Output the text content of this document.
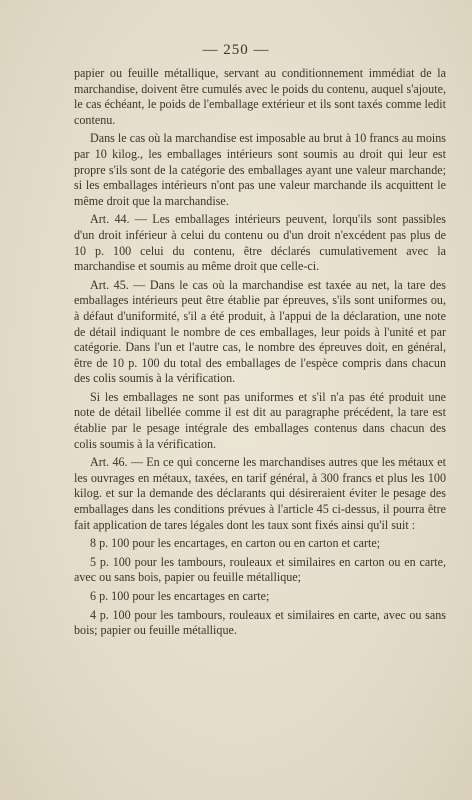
— 250 —

papier ou feuille métallique, servant au conditionnement immédiat de la marchandise, doivent être cumulés avec le poids du contenu, auquel s'ajoute, le cas échéant, le poids de l'emballage extérieur et ils sont taxés comme ledit contenu.

Dans le cas où la marchandise est imposable au brut à 10 francs au moins par 10 kilog., les emballages intérieurs sont soumis au droit qui leur est propre s'ils sont de la catégorie des emballages ayant une valeur marchande; si les emballages intérieurs n'ont pas une valeur marchande ils acquittent le même droit que la marchandise.

Art. 44. — Les emballages intérieurs peuvent, lorqu'ils sont passibles d'un droit inférieur à celui du contenu ou d'un droit n'excédent pas plus de 10 p. 100 celui du contenu, être déclarés cumulativement avec la marchandise et soumis au même droit que celle-ci.

Art. 45. — Dans le cas où la marchandise est taxée au net, la tare des emballages intérieurs peut être établie par épreuves, s'ils sont uniformes ou, à défaut d'uniformité, s'il a été produit, à l'appui de la déclaration, une note de détail indiquant le nombre de ces emballages, leur poids à l'unité et par catégorie. Dans l'un et l'autre cas, le nombre des épreuves doit, en général, être de 10 p. 100 du total des emballages de l'espèce compris dans chacun des colis soumis à la vérification.

Si les emballages ne sont pas uniformes et s'il n'a pas été produit une note de détail libellée comme il est dit au paragraphe précédent, la tare est établie par le pesage intégrale des emballages contenus dans chacun des colis soumis à la vérification.

Art. 46. — En ce qui concerne les marchandises autres que les métaux et les ouvrages en métaux, taxées, en tarif général, à 300 francs et plus les 100 kilog. et sur la demande des déclarants qui désireraient éviter le pesage des emballages dans les conditions prévues à l'article 45 ci-dessus, il pourra être fait application de tares légales dont les taux sont fixés ainsi qu'il suit :

8 p. 100 pour les encartages, en carton ou en carton et carte;

5 p. 100 pour les tambours, rouleaux et similaires en carton ou en carte, avec ou sans bois, papier ou feuille métallique;

6 p. 100 pour les encartages en carte;

4 p. 100 pour les tambours, rouleaux et similaires en carte, avec ou sans bois; papier ou feuille métallique.
